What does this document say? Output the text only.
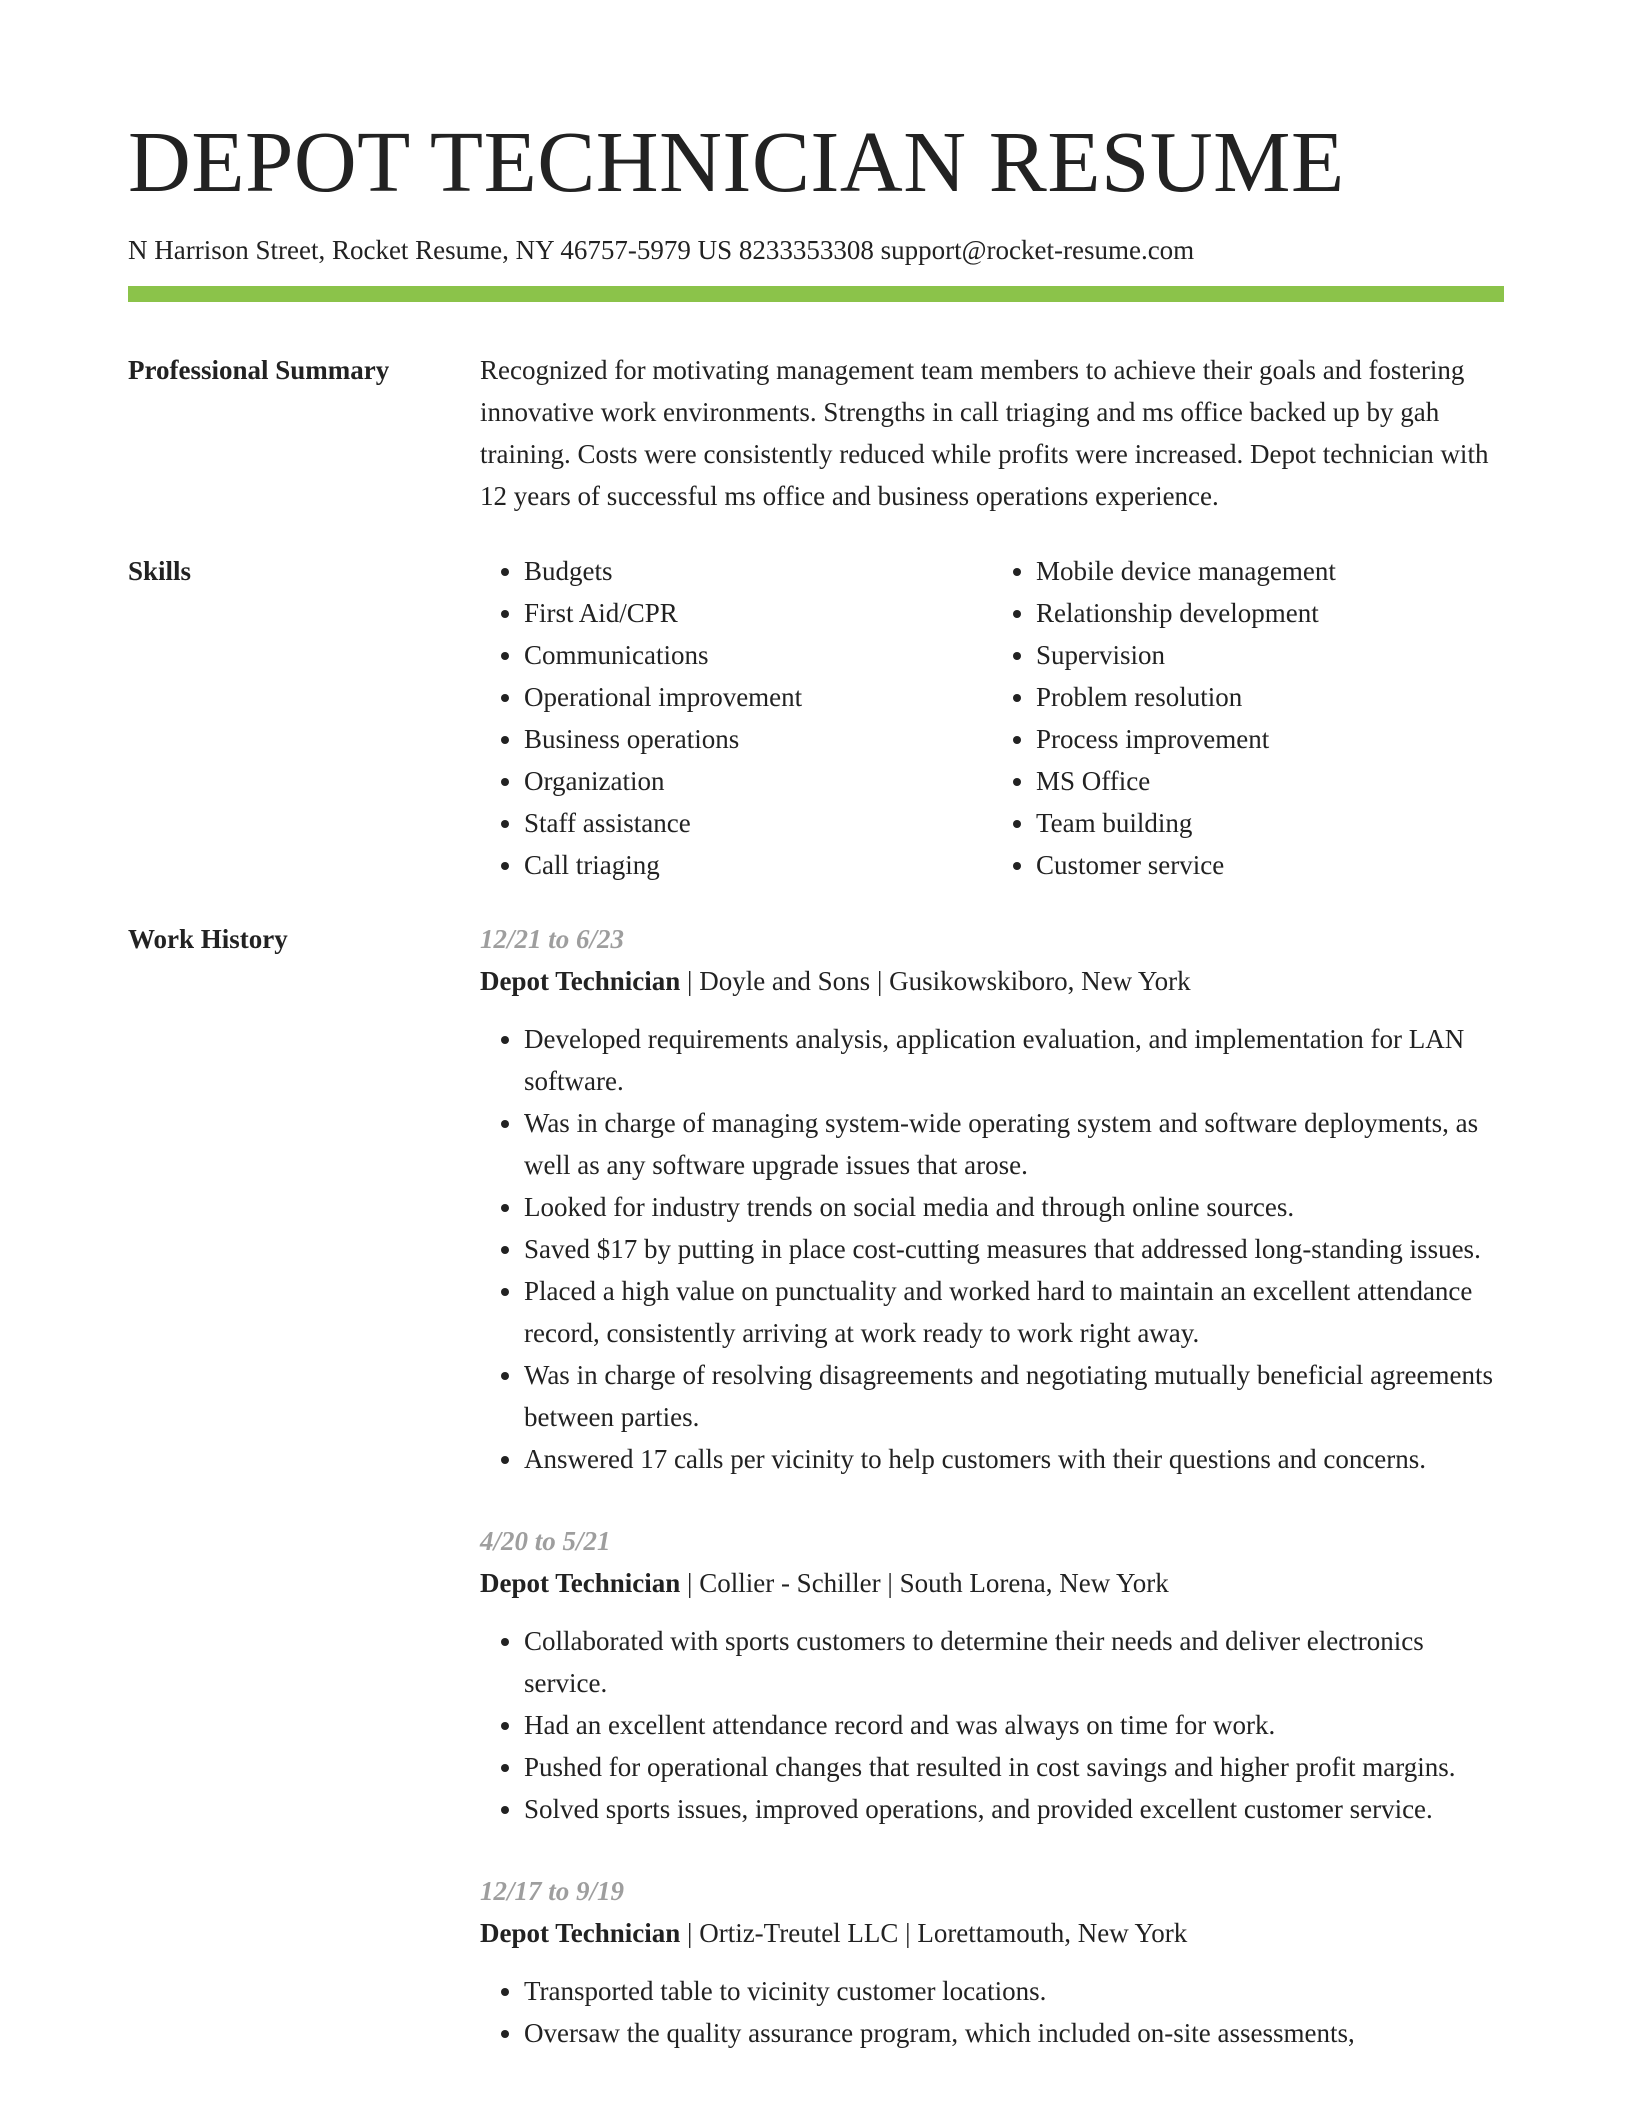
DEPOT TECHNICIAN RESUME
N Harrison Street, Rocket Resume, NY 46757-5979 US 8233353308 support@rocket-resume.com
Professional Summary	Recognized for motivating management team members to achieve their goals and fostering innovative work environments. Strengths in call triaging and ms office backed up by gah training. Costs were consistently reduced while profits were increased. Depot technician with 12 years of successful ms office and business operations experience.

Skills
•	Budgets
• First Aid/CPR
• Communications
• Operational improvement
• Business operations
• Organization
• Staff assistance
• Call triaging
• Mobile device management
• Relationship development
• Supervision
• Problem resolution
• Process improvement
• MS Office
• Team building
• Customer service
Work History	12/21 to 6/23
Depot Technician | Doyle and Sons | Gusikowskiboro, New York
• Developed requirements analysis, application evaluation, and implementation for LAN software.
• Was in charge of managing system-wide operating system and software deployments, as well as any software upgrade issues that arose.
• Looked for industry trends on social media and through online sources.
• Saved $17 by putting in place cost-cutting measures that addressed long-standing issues.
• Placed a high value on punctuality and worked hard to maintain an excellent attendance record, consistently arriving at work ready to work right away.
• Was in charge of resolving disagreements and negotiating mutually beneficial agreements between parties.
• Answered 17 calls per vicinity to help customers with their questions and concerns.
4/20 to 5/21
Depot Technician | Collier - Schiller | South Lorena, New York
• Collaborated with sports customers to determine their needs and deliver electronics service.
• Had an excellent attendance record and was always on time for work.
• Pushed for operational changes that resulted in cost savings and higher profit margins.
• Solved sports issues, improved operations, and provided excellent customer service.
12/17 to 9/19
Depot Technician | Ortiz-Treutel LLC | Lorettamouth, New York
• Transported table to vicinity customer locations.
• Oversaw the quality assurance program, which included on-site assessments,
